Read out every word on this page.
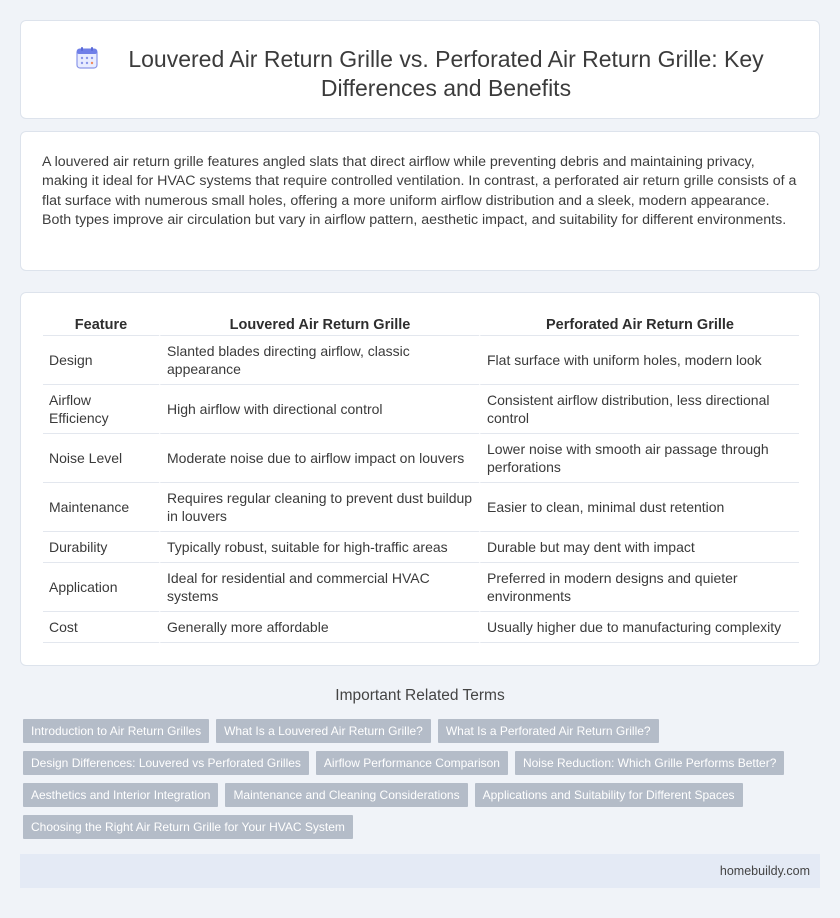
Louvered Air Return Grille vs. Perforated Air Return Grille: Key Differences and Benefits

A louvered air return grille features angled slats that direct airflow while preventing debris and maintaining privacy, making it ideal for HVAC systems that require controlled ventilation. In contrast, a perforated air return grille consists of a flat surface with numerous small holes, offering a more uniform airflow distribution and a sleek, modern appearance. Both types improve air circulation but vary in airflow pattern, aesthetic impact, and suitability for different environments.

Feature	Louvered Air Return Grille	Perforated Air Return Grille
Design	Slanted blades directing airflow, classic appearance	Flat surface with uniform holes, modern look
Airflow Efficiency	High airflow with directional control	Consistent airflow distribution, less directional control
Noise Level	Moderate noise due to airflow impact on louvers	Lower noise with smooth air passage through perforations
Maintenance	Requires regular cleaning to prevent dust buildup in louvers	Easier to clean, minimal dust retention
Durability	Typically robust, suitable for high-traffic areas	Durable but may dent with impact
Application	Ideal for residential and commercial HVAC systems	Preferred in modern designs and quieter environments
Cost	Generally more affordable	Usually higher due to manufacturing complexity
Important Related Terms
Introduction to Air Return Grilles	What Is a Louvered Air Return Grille?	What Is a Perforated Air Return Grille?
Design Differences: Louvered vs Perforated Grilles	Airflow Performance Comparison	Noise Reduction: Which Grille Performs Better?
Aesthetics and Interior Integration	Maintenance and Cleaning Considerations	Applications and Suitability for Different Spaces
Choosing the Right Air Return Grille for Your HVAC System
homebuildy.com
